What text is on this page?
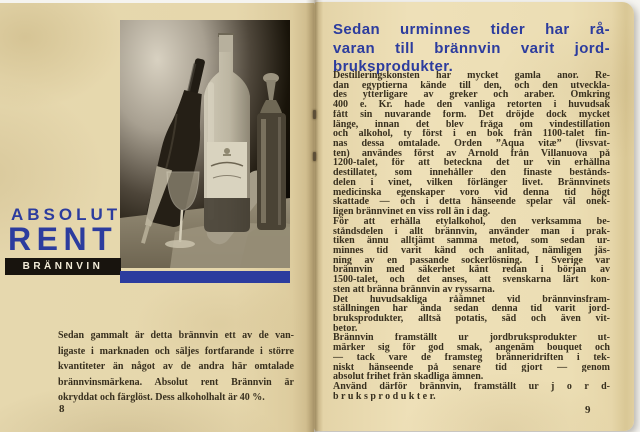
ABSOLUT
RENT
BRÄNNVIN
Sedan gammalt är detta brännvin ett av de van-
ligaste i marknaden och säljes fortfarande i större
kvantiteter än något av de andra här omtalade
brännvinsmärkena. Absolut rent Brännvin är
okryddat och färglöst. Dess alkoholhalt är 40 %.
8
Sedan urminnes tider har rå-
varan till brännvin varit jord-
bruksprodukter.
Destilleringskonsten har mycket gamla anor. Re-
dan egyptierna kände till den, och den utveckla-
des ytterligare av greker och araber. Omkring
400 e. Kr. hade den vanliga retorten i huvudsak
fått sin nuvarande form. Det dröjde dock mycket
länge, innan det blev fråga om vindestillation
och alkohol, ty först i en bok från 1100-talet fin-
nas dessa omtalade. Orden ”Aqua vitæ” (livsvat-
ten) användes först av Arnold från Villanuova på
1200-talet, för att beteckna det ur vin erhållna
destillatet, som innehåller den finaste bestånds-
delen i vinet, vilken förlänger livet. Brännvinets
medicinska egenskaper voro vid denna tid högt
skattade — och i detta hänseende spelar väl onek-
ligen brännvinet en viss roll än i dag.
För att erhålla etylalkohol, den verksamma be-
ståndsdelen i allt brännvin, använder man i prak-
tiken ännu alltjämt samma metod, som sedan ur-
minnes tid varit känd och anlitad, nämligen jäs-
ning av en passande sockerlösning. I Sverige var
brännvin med säkerhet känt redan i början av
1500-talet, och det anses, att svenskarna lärt kon-
sten att bränna brännvin av ryssarna.
Det huvudsakliga råämnet vid brännvinsfram-
ställningen har ända sedan denna tid varit jord-
bruksprodukter, alltså potatis, säd och även vit-
betor.
Brännvin framställt ur jordbruksprodukter ut-
märker sig för god smak, angenäm bouquet och
— tack vare de framsteg bränneridriften i tek-
niskt hänseende på senare tid gjort — genom
absolut frihet från skadliga ämnen.
Använd därför brännvin, framställt ur j o r d-
b r u k s p r o d u k t e r.
9
